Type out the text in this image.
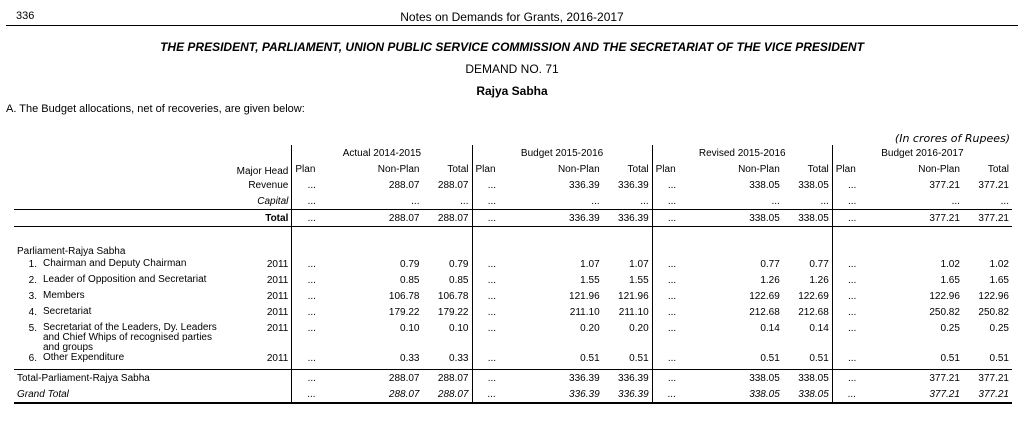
336	Notes on Demands for Grants, 2016-2017
THE PRESIDENT, PARLIAMENT, UNION PUBLIC SERVICE COMMISSION AND THE SECRETARIAT OF THE VICE PRESIDENT
DEMAND NO. 71
Rajya Sabha
A. The Budget allocations, net of recoveries, are given below:
(In crores of Rupees)
	Major Head	Actual 2014-2015			Budget 2015-2016			Revised 2015-2016			Budget 2016-2017		
		Plan	Non-Plan	Total	Plan	Non-Plan	Total	Plan	Non-Plan	Total	Plan	Non-Plan	Total
	Revenue	...	288.07	288.07	...	336.39	336.39	...	338.05	338.05	...	377.21	377.21
	Capital	...	...	...	...	...	...	...	...	...	...	...	...
	Total	...	288.07	288.07	...	336.39	336.39	...	338.05	338.05	...	377.21	377.21

Parliament-Rajya Sabha													
1. Chairman and Deputy Chairman	2011	...	0.79	0.79	...	1.07	1.07	...	0.77	0.77	...	1.02	1.02
2. Leader of Opposition and Secretariat	2011	...	0.85	0.85	...	1.55	1.55	...	1.26	1.26	...	1.65	1.65
3. Members	2011	...	106.78	106.78	...	121.96	121.96	...	122.69	122.69	...	122.96	122.96
4. Secretariat	2011	...	179.22	179.22	...	211.10	211.10	...	212.68	212.68	...	250.82	250.82
5. Secretariat of the Leaders, Dy. Leaders and Chief Whips of recognised parties and groups	2011	...	0.10	0.10	...	0.20	0.20	...	0.14	0.14	...	0.25	0.25
6. Other Expenditure	2011	...	0.33	0.33	...	0.51	0.51	...	0.51	0.51	...	0.51	0.51
Total-Parliament-Rajya Sabha		...	288.07	288.07	...	336.39	336.39	...	338.05	338.05	...	377.21	377.21
Grand Total		...	288.07	288.07	...	336.39	336.39	...	338.05	338.05	...	377.21	377.21
